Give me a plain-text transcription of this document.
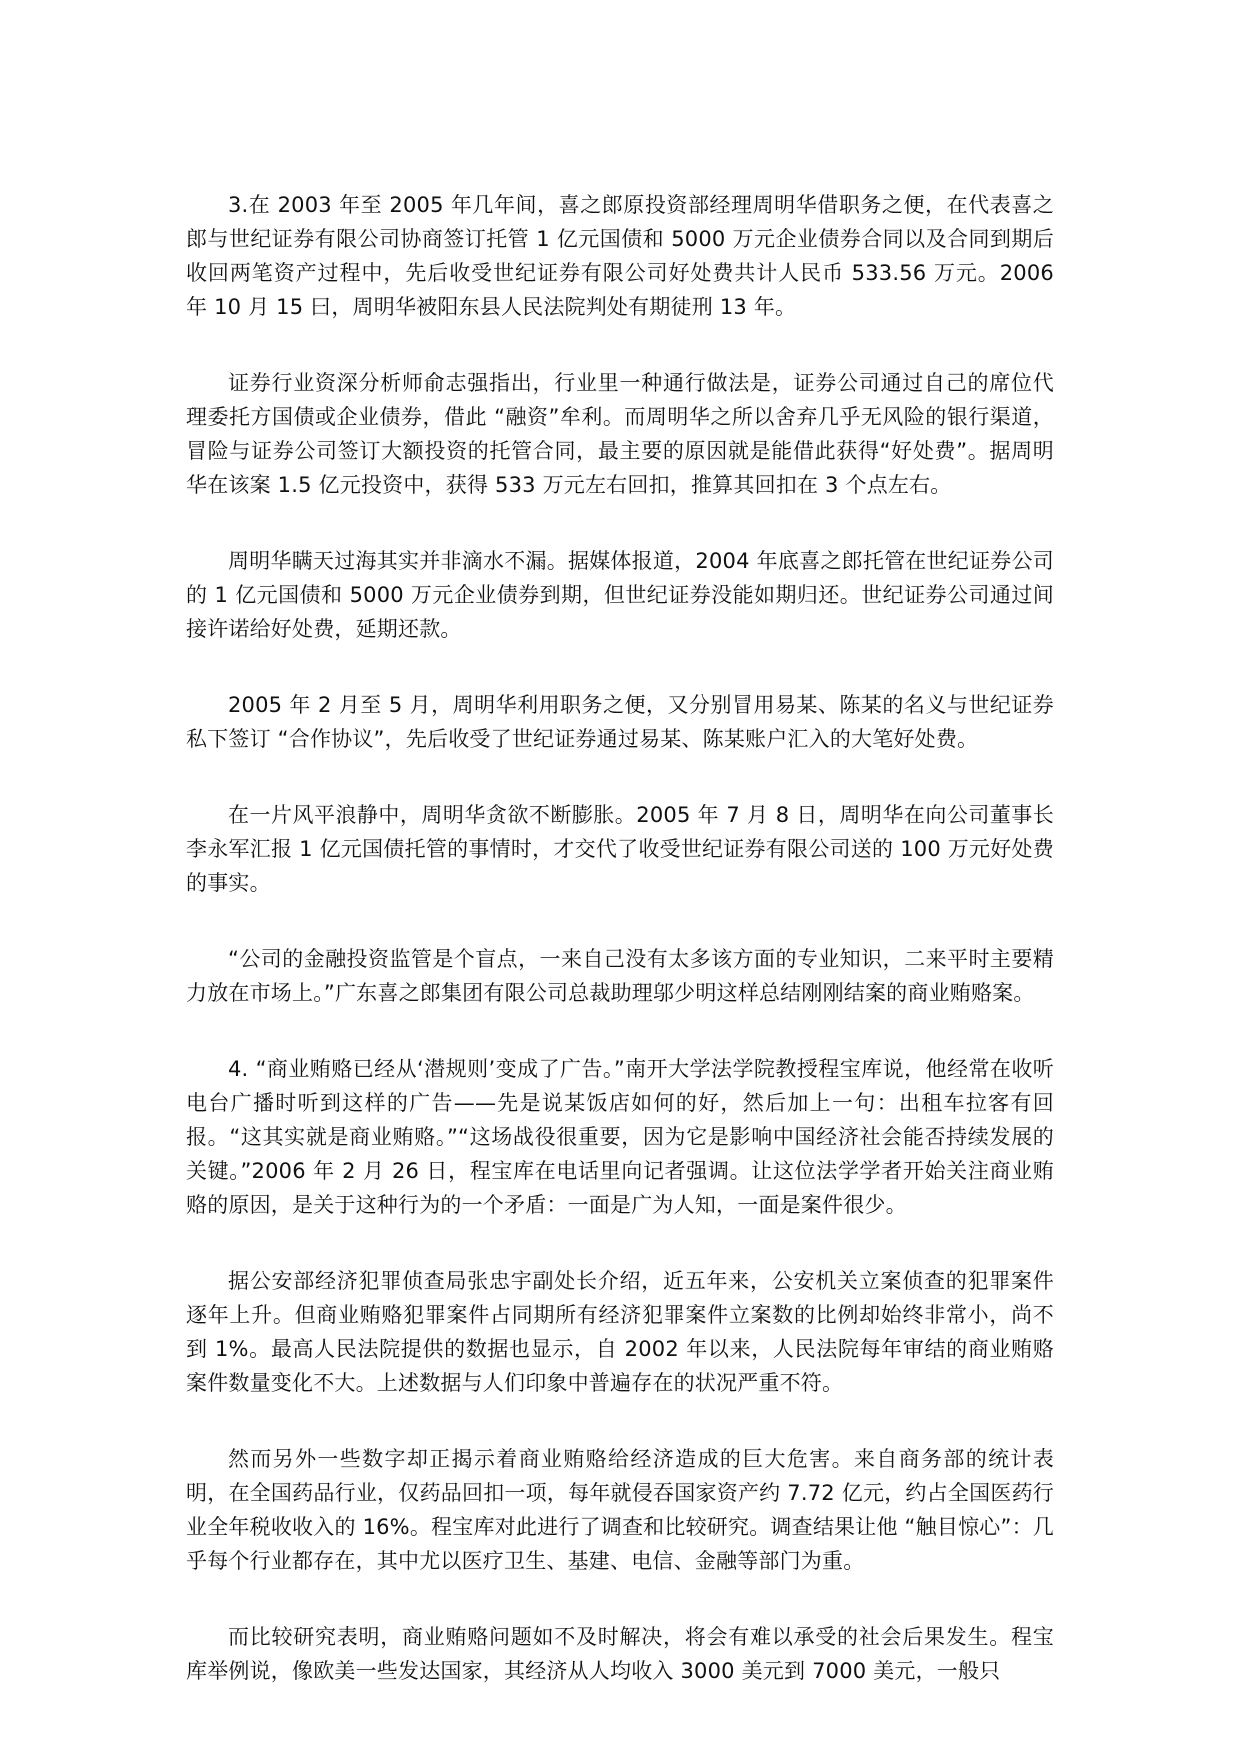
3.在 2003 年至 2005 年几年间，喜之郎原投资部经理周明华借职务之便，在代表喜之郎与世纪证券有限公司协商签订托管 1 亿元国债和 5000 万元企业债券合同以及合同到期后收回两笔资产过程中，先后收受世纪证券有限公司好处费共计人民币 533.56 万元。2006 年 10 月 15 曰，周明华被阳东县人民法院判处有期徒刑 13 年。

证券行业资深分析师俞志强指出，行业里一种通行做法是，证券公司通过自己的席位代理委托方国债或企业债券，借此 “融资”牟利。而周明华之所以舍弃几乎无风险的银行渠道，冒险与证券公司签订大额投资的托管合同，最主要的原因就是能借此获得“好处费”。据周明华在该案 1.5 亿元投资中，获得 533 万元左右回扣，推算其回扣在 3 个点左右。

周明华瞒天过海其实并非滴水不漏。据媒体报道，2004 年底喜之郎托管在世纪证券公司的 1 亿元国债和 5000 万元企业债券到期，但世纪证券没能如期归还。世纪证券公司通过间接许诺给好处费，延期还款。

2005 年 2 月至 5 月，周明华利用职务之便，又分别冒用易某、陈某的名义与世纪证券私下签订 “合作协议”，先后收受了世纪证券通过易某、陈某账户汇入的大笔好处费。

在一片风平浪静中，周明华贪欲不断膨胀。2005 年 7 月 8 日，周明华在向公司董事长李永军汇报 1 亿元国债托管的事情时，才交代了收受世纪证券有限公司送的 100 万元好处费的事实。

“公司的金融投资监管是个盲点，一来自己没有太多该方面的专业知识，二来平时主要精力放在市场上。”广东喜之郎集团有限公司总裁助理邬少明这样总结刚刚结案的商业贿赂案。

4. “商业贿赂已经从‘潜规则’变成了广告。”南开大学法学院教授程宝库说，他经常在收听电台广播时听到这样的广告——先是说某饭店如何的好，然后加上一句：出租车拉客有回报。“这其实就是商业贿赂。”“这场战役很重要，因为它是影响中国经济社会能否持续发展的关键。”2006 年 2 月 26 日，程宝库在电话里向记者强调。让这位法学学者开始关注商业贿赂的原因，是关于这种行为的一个矛盾：一面是广为人知，一面是案件很少。

据公安部经济犯罪侦查局张忠宇副处长介绍，近五年来，公安机关立案侦查的犯罪案件逐年上升。但商业贿赂犯罪案件占同期所有经济犯罪案件立案数的比例却始终非常小，尚不到 1%。最高人民法院提供的数据也显示，自 2002 年以来，人民法院每年审结的商业贿赂案件数量变化不大。上述数据与人们印象中普遍存在的状况严重不符。

然而另外一些数字却正揭示着商业贿赂给经济造成的巨大危害。来自商务部的统计表明，在全国药品行业，仅药品回扣一项，每年就侵吞国家资产约 7.72 亿元，约占全国医药行业全年税收收入的 16%。程宝库对此进行了调查和比较研究。调查结果让他 “触目惊心”：几乎每个行业都存在，其中尤以医疗卫生、基建、电信、金融等部门为重。

而比较研究表明，商业贿赂问题如不及时解决，将会有难以承受的社会后果发生。程宝库举例说，像欧美一些发达国家，其经济从人均收入 3000 美元到 7000 美元，一般只
